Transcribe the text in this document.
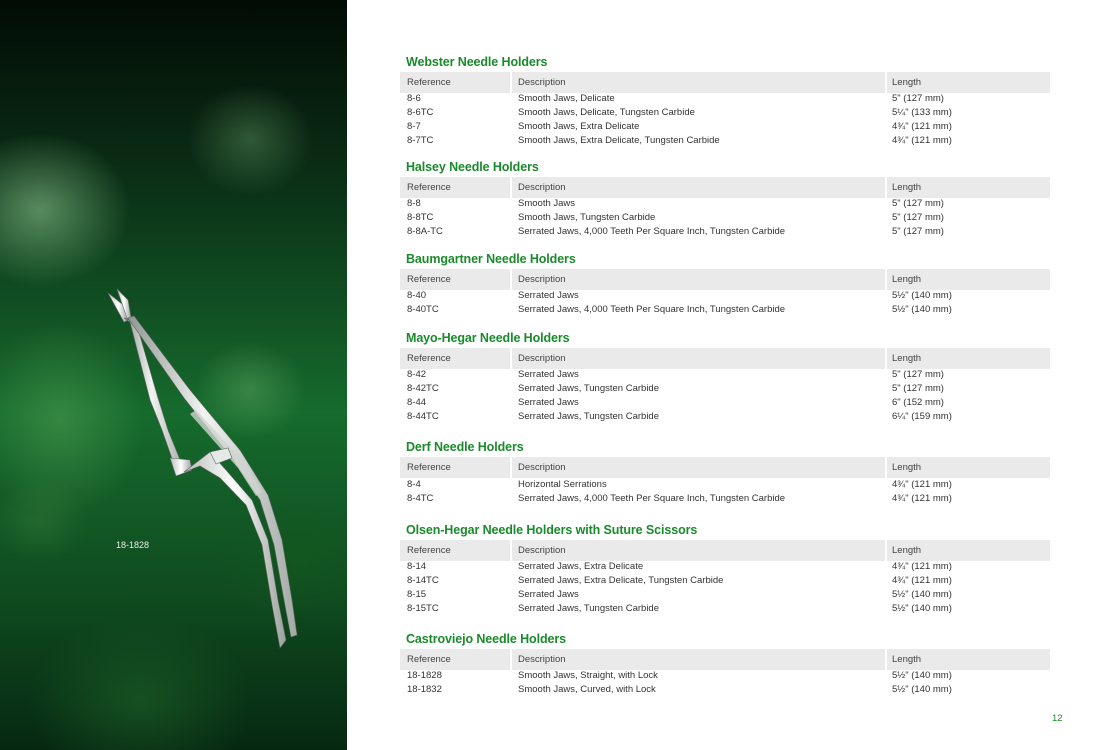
18-1828
Webster Needle Holders
Reference	Description	Length
8-6	Smooth Jaws, Delicate	5" (127 mm)
8-6TC	Smooth Jaws, Delicate, Tungsten Carbide	5¼" (133 mm)
8-7	Smooth Jaws, Extra Delicate	4¾" (121 mm)
8-7TC	Smooth Jaws, Extra Delicate, Tungsten Carbide	4¾" (121 mm)
Halsey Needle Holders
Reference	Description	Length
8-8	Smooth Jaws	5" (127 mm)
8-8TC	Smooth Jaws, Tungsten Carbide	5" (127 mm)
8-8A-TC	Serrated Jaws, 4,000 Teeth Per Square Inch, Tungsten Carbide	5" (127 mm)
Baumgartner Needle Holders
Reference	Description	Length
8-40	Serrated Jaws	5½" (140 mm)
8-40TC	Serrated Jaws, 4,000 Teeth Per Square Inch, Tungsten Carbide	5½" (140 mm)
Mayo-Hegar Needle Holders
Reference	Description	Length
8-42	Serrated Jaws	5" (127 mm)
8-42TC	Serrated Jaws, Tungsten Carbide	5" (127 mm)
8-44	Serrated Jaws	6" (152 mm)
8-44TC	Serrated Jaws, Tungsten Carbide	6¼" (159 mm)
Derf Needle Holders
Reference	Description	Length
8-4	Horizontal Serrations	4¾" (121 mm)
8-4TC	Serrated Jaws, 4,000 Teeth Per Square Inch, Tungsten Carbide	4¾" (121 mm)
Olsen-Hegar Needle Holders with Suture Scissors
Reference	Description	Length
8-14	Serrated Jaws, Extra Delicate	4¾" (121 mm)
8-14TC	Serrated Jaws, Extra Delicate, Tungsten Carbide	4¾" (121 mm)
8-15	Serrated Jaws	5½" (140 mm)
8-15TC	Serrated Jaws, Tungsten Carbide	5½" (140 mm)
Castroviejo Needle Holders
Reference	Description	Length
18-1828	Smooth Jaws, Straight, with Lock	5½" (140 mm)
18-1832	Smooth Jaws, Curved, with Lock	5½" (140 mm)
12
